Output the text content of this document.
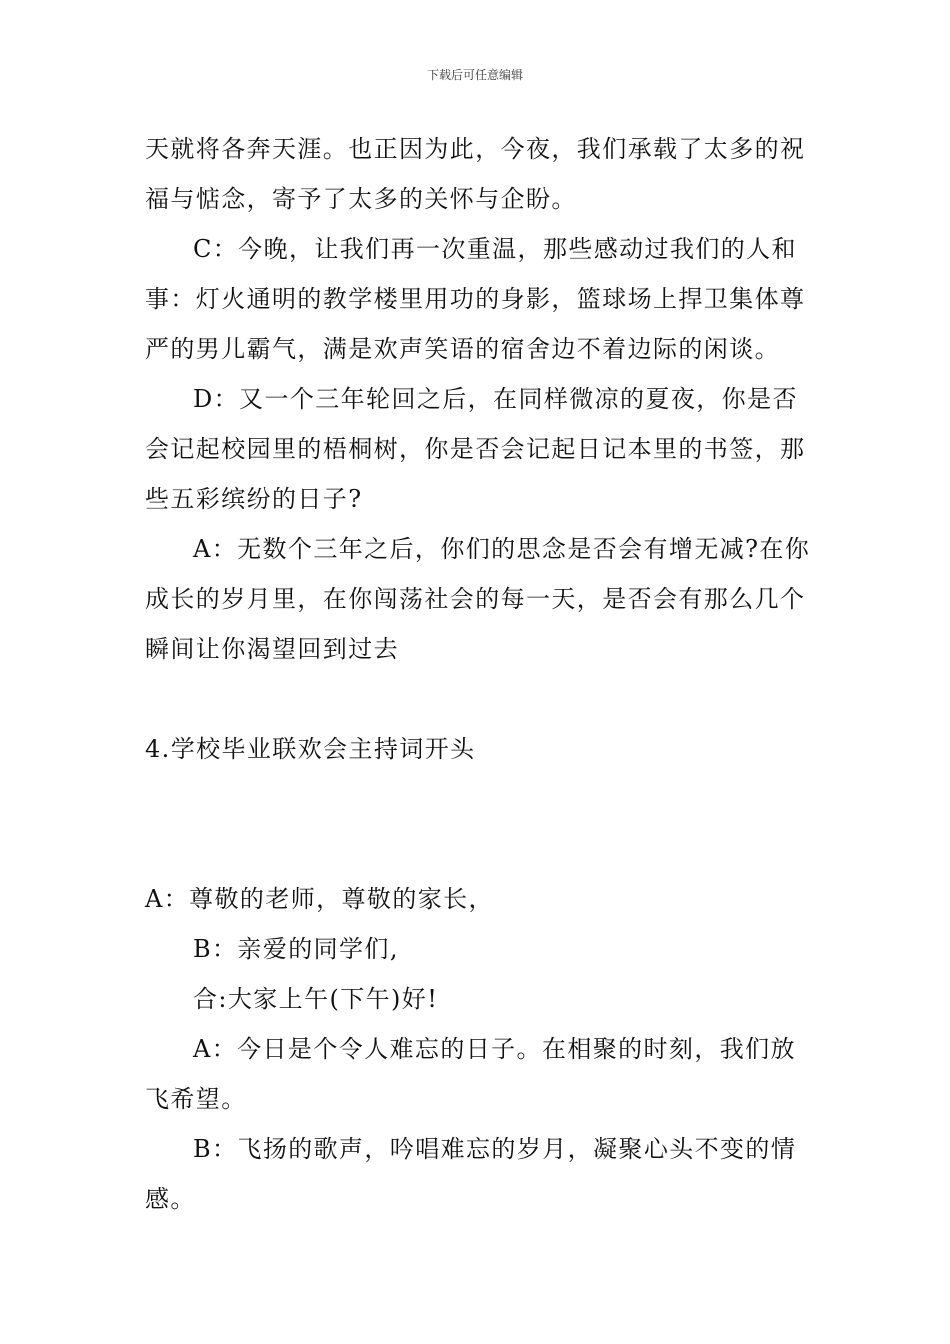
下载后可任意编辑

天就将各奔天涯。也正因为此，今夜，我们承载了太多的祝福与惦念，寄予了太多的关怀与企盼。

C：今晚，让我们再一次重温，那些感动过我们的人和事：灯火通明的教学楼里用功的身影，篮球场上捍卫集体尊严的男儿霸气，满是欢声笑语的宿舍边不着边际的闲谈。

D：又一个三年轮回之后，在同样微凉的夏夜，你是否会记起校园里的梧桐树，你是否会记起日记本里的书签，那些五彩缤纷的日子?

A：无数个三年之后，你们的思念是否会有增无减?在你成长的岁月里，在你闯荡社会的每一天，是否会有那么几个瞬间让你渴望回到过去

4.学校毕业联欢会主持词开头

A：尊敬的老师，尊敬的家长，

B：亲爱的同学们,

合:大家上午(下午)好!

A：今日是个令人难忘的日子。在相聚的时刻，我们放飞希望。

B：飞扬的歌声，吟唱难忘的岁月，凝聚心头不变的情感。
